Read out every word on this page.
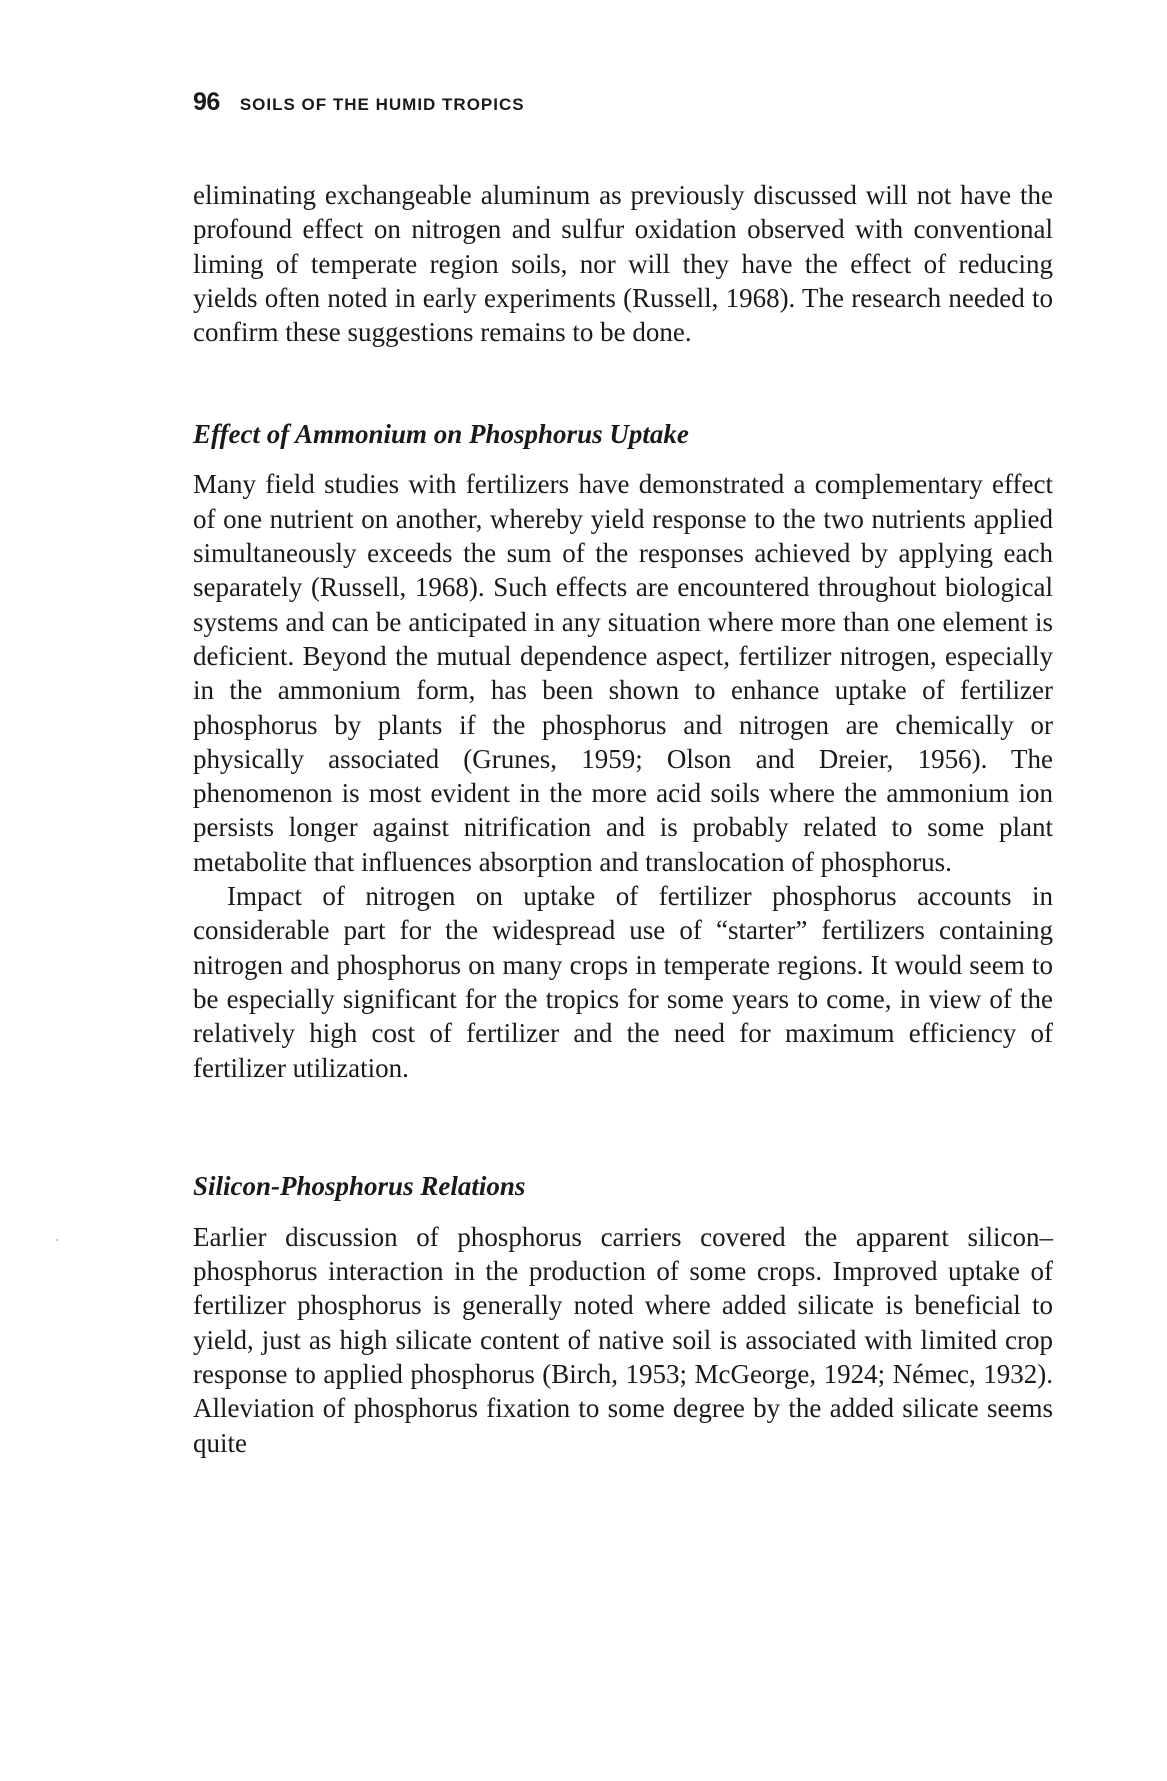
96 SOILS OF THE HUMID TROPICS

eliminating exchangeable aluminum as previously discussed will not have the profound effect on nitrogen and sulfur oxidation observed with conventional liming of temperate region soils, nor will they have the effect of reducing yields often noted in early experiments (Russell, 1968). The research needed to confirm these suggestions remains to be done.

Effect of Ammonium on Phosphorus Uptake

Many field studies with fertilizers have demonstrated a complementary effect of one nutrient on another, whereby yield response to the two nutrients applied simultaneously exceeds the sum of the responses achieved by applying each separately (Russell, 1968). Such effects are encountered throughout biological systems and can be anticipated in any situation where more than one element is deficient. Beyond the mutual dependence aspect, fertilizer nitrogen, especially in the ammonium form, has been shown to enhance uptake of fertilizer phosphorus by plants if the phosphorus and nitrogen are chemically or physically associated (Grunes, 1959; Olson and Dreier, 1956). The phenomenon is most evident in the more acid soils where the ammonium ion persists longer against nitrification and is probably related to some plant metabolite that influences absorption and translocation of phosphorus.

Impact of nitrogen on uptake of fertilizer phosphorus accounts in considerable part for the widespread use of “starter” fertilizers containing nitrogen and phosphorus on many crops in temperate regions. It would seem to be especially significant for the tropics for some years to come, in view of the relatively high cost of fertilizer and the need for maximum efficiency of fertilizer utilization.

Silicon-Phosphorus Relations

Earlier discussion of phosphorus carriers covered the apparent silicon–phosphorus interaction in the production of some crops. Improved uptake of fertilizer phosphorus is generally noted where added silicate is beneficial to yield, just as high silicate content of native soil is associated with limited crop response to applied phosphorus (Birch, 1953; McGeorge, 1924; Némec, 1932). Alleviation of phosphorus fixation to some degree by the added silicate seems quite
